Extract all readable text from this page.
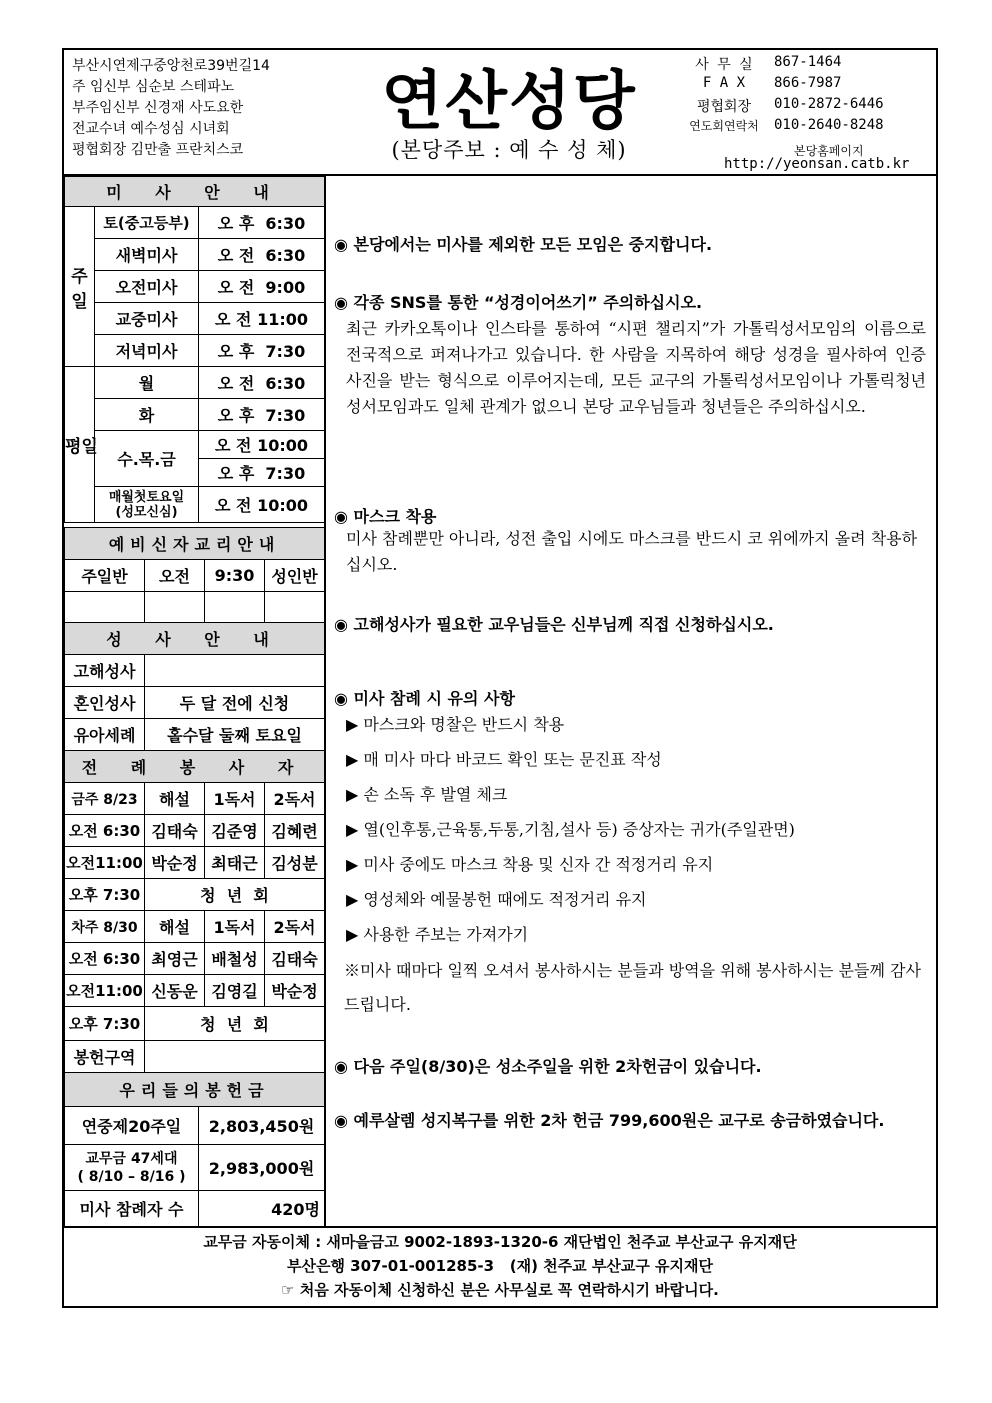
부산시연제구중앙천로39번길14
주 임신부 심순보 스테파노
부주임신부 신경재 사도요한
전교수녀 예수성심 시녀회
평협회장 김만출 프란치스코
연산성당
(본당주보 : 예 수 성 체)
사 무 실	867-1464
F A X	866-7987
평협회장	010-2872-6446
연도회연락처	010-2640-8248
본당홈페이지
http://yeonsan.catb.kr
미 사 안 내		
주일	토(중고등부)	오 후  6:30
	새벽미사	오 전  6:30
	오전미사	오 전  9:00
	교중미사	오 전 11:00
	저녁미사	오 후  7:30
평일	월	오 전  6:30
	화	오 후  7:30
	수.목.금	오 전 10:00
		오 후  7:30
	매월첫토요일
(성모신심)	오 전 10:00
예비신자교리안내			
주일반	오전	9:30	성인반

성 사 안 내	
고해성사	
혼인성사	두 달 전에 신청
유아세례	홀수달 둘째 토요일
전 례 봉 사 자			
금주 8/23	해설	1독서	2독서
오전 6:30	김태숙	김준영	김혜련
오전11:00	박순정	최태근	김성분
오후 7:30	청  년  회		
차주 8/30	해설	1독서	2독서
오전 6:30	최영근	배철성	김태숙
오전11:00	신동운	김영길	박순정
오후 7:30	청  년  회		
봉헌구역			
우리들의봉헌금	
연중제20주일	2,803,450원
교무금 47세대
( 8/10 – 8/16 )	2,983,000원
미사 참례자 수	420명
◉ 본당에서는 미사를 제외한 모든 모임은 중지합니다.
◉ 각종 SNS를 통한 “성경이어쓰기” 주의하십시오.
최근 카카오톡이나 인스타를 통하여 “시편 챌리지”가 가톨릭성서모임의 이름으로 전국적으로 퍼져나가고 있습니다. 한 사람을 지목하여 해당 성경을 필사하여 인증 사진을 받는 형식으로 이루어지는데, 모든 교구의 가톨릭성서모임이나 가톨릭청년성서모임과도 일체 관계가 없으니 본당 교우님들과 청년들은 주의하십시오.
◉ 마스크 착용
미사 참례뿐만 아니라, 성전 출입 시에도 마스크를 반드시 코 위에까지 올려 착용하십시오.
◉ 고해성사가 필요한 교우님들은 신부님께 직접 신청하십시오.
◉ 미사 참례 시 유의 사항
▶ 마스크와 명찰은 반드시 착용
▶ 매 미사 마다 바코드 확인 또는 문진표 작성
▶ 손 소독 후 발열 체크
▶ 열(인후통,근육통,두통,기침,설사 등) 증상자는 귀가(주일관면)
▶ 미사 중에도 마스크 착용 및 신자 간 적정거리 유지
▶ 영성체와 예물봉헌 때에도 적정거리 유지
▶ 사용한 주보는 가져가기
※미사 때마다 일찍 오셔서 봉사하시는 분들과 방역을 위해 봉사하시는 분들께 감사드립니다.
◉ 다음 주일(8/30)은 성소주일을 위한 2차헌금이 있습니다.
◉ 예루살렘 성지복구를 위한 2차 헌금 799,600원은 교구로 송금하였습니다.
교무금 자동이체 : 새마을금고 9002-1893-1320-6 재단법인 천주교 부산교구 유지재단
부산은행 307-01-001285-3   (재) 천주교 부산교구 유지재단
☞ 처음 자동이체 신청하신 분은 사무실로 꼭 연락하시기 바랍니다.
